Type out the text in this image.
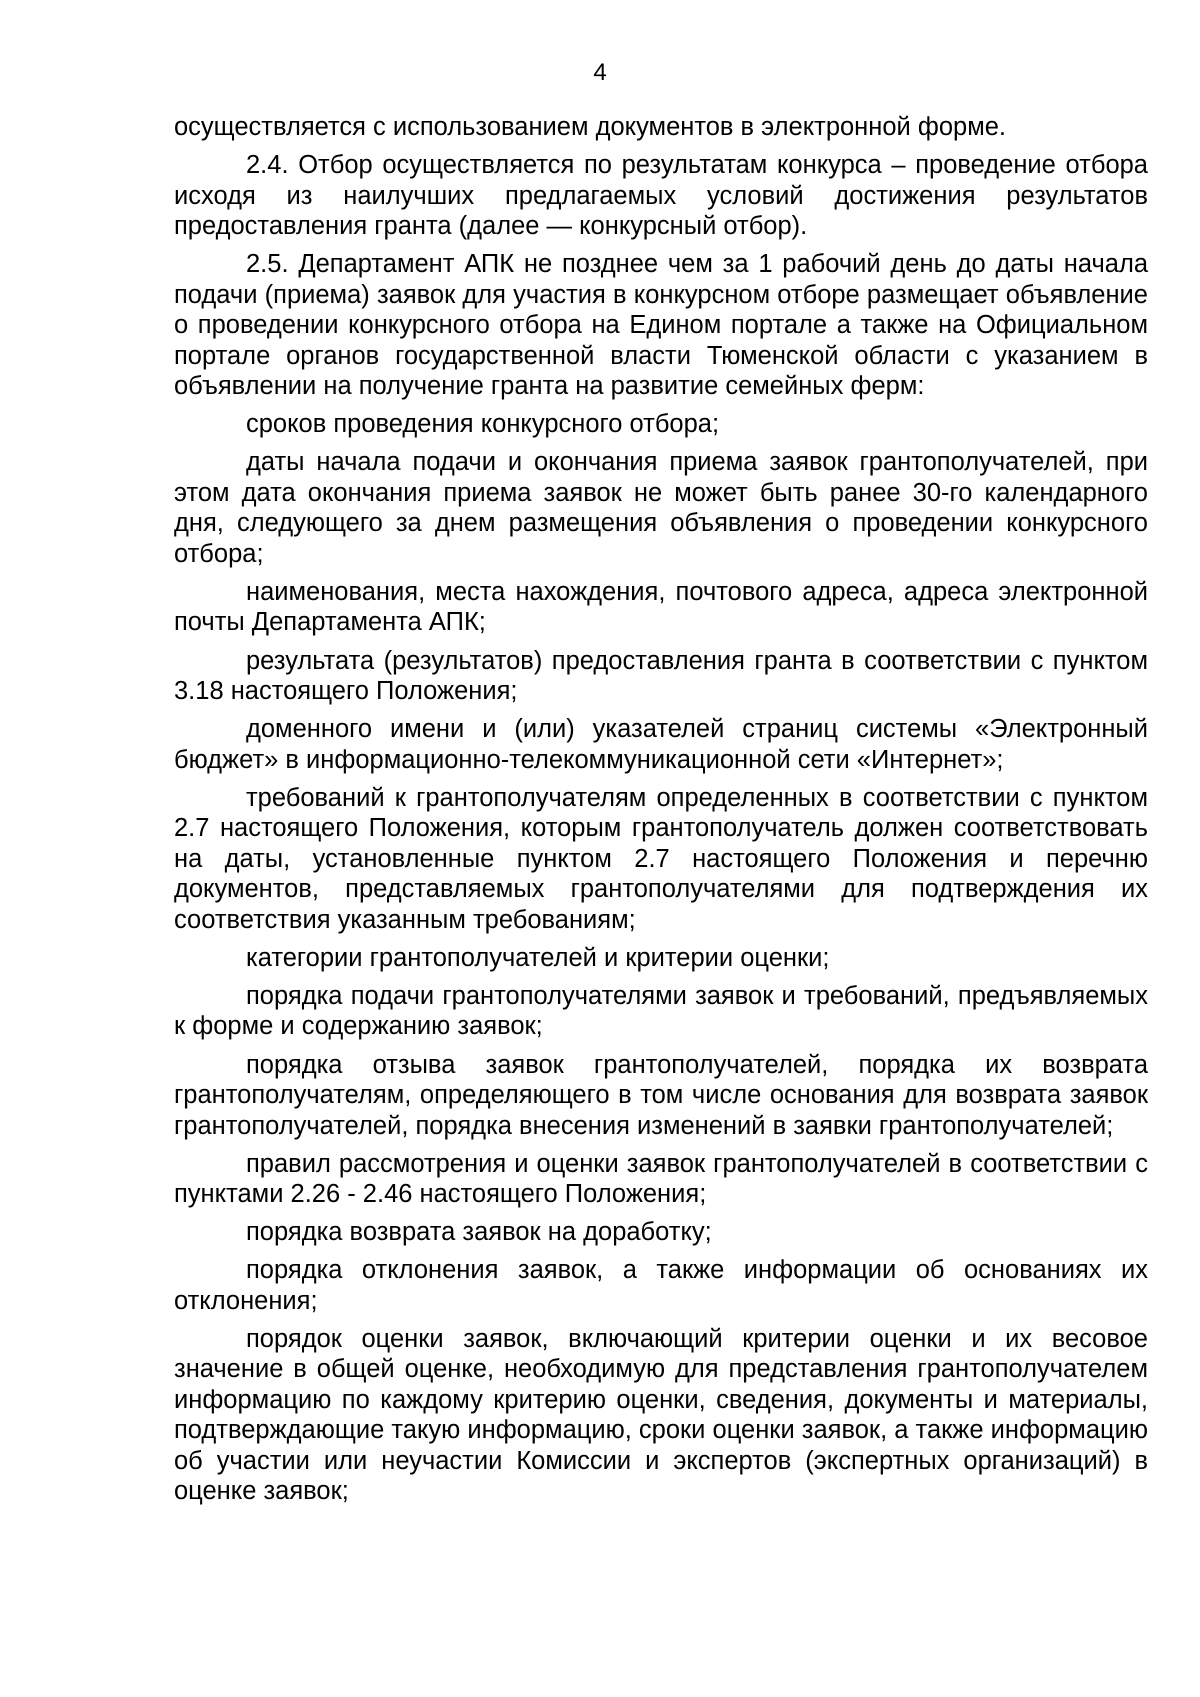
4

осуществляется с использованием документов в электронной форме.

2.4. Отбор осуществляется по результатам конкурса – проведение отбора исходя из наилучших предлагаемых условий достижения результатов предоставления гранта (далее — конкурсный отбор).

2.5. Департамент АПК не позднее чем за 1 рабочий день до даты начала подачи (приема) заявок для участия в конкурсном отборе размещает объявление о проведении конкурсного отбора на Едином портале а также на Официальном портале органов государственной власти Тюменской области с указанием в объявлении на получение гранта на развитие семейных ферм:

сроков проведения конкурсного отбора;

даты начала подачи и окончания приема заявок грантополучателей, при этом дата окончания приема заявок не может быть ранее 30-го календарного дня, следующего за днем размещения объявления о проведении конкурсного отбора;

наименования, места нахождения, почтового адреса, адреса электронной почты Департамента АПК;

результата (результатов) предоставления гранта в соответствии с пунктом 3.18 настоящего Положения;

доменного имени и (или) указателей страниц системы «Электронный бюджет» в информационно-телекоммуникационной сети «Интернет»;

требований к грантополучателям определенных в соответствии с пунктом 2.7 настоящего Положения, которым грантополучатель должен соответствовать на даты, установленные пунктом 2.7 настоящего Положения и перечню документов, представляемых грантополучателями для подтверждения их соответствия указанным требованиям;

категории грантополучателей и критерии оценки;

порядка подачи грантополучателями заявок и требований, предъявляемых к форме и содержанию заявок;

порядка отзыва заявок грантополучателей, порядка их возврата грантополучателям, определяющего в том числе основания для возврата заявок грантополучателей, порядка внесения изменений в заявки грантополучателей;

правил рассмотрения и оценки заявок грантополучателей в соответствии с пунктами 2.26 - 2.46 настоящего Положения;

порядка возврата заявок на доработку;

порядка отклонения заявок, а также информации об основаниях их отклонения;

порядок оценки заявок, включающий критерии оценки и их весовое значение в общей оценке, необходимую для представления грантополучателем информацию по каждому критерию оценки, сведения, документы и материалы, подтверждающие такую информацию, сроки оценки заявок, а также информацию об участии или неучастии Комиссии и экспертов (экспертных организаций) в оценке заявок;
